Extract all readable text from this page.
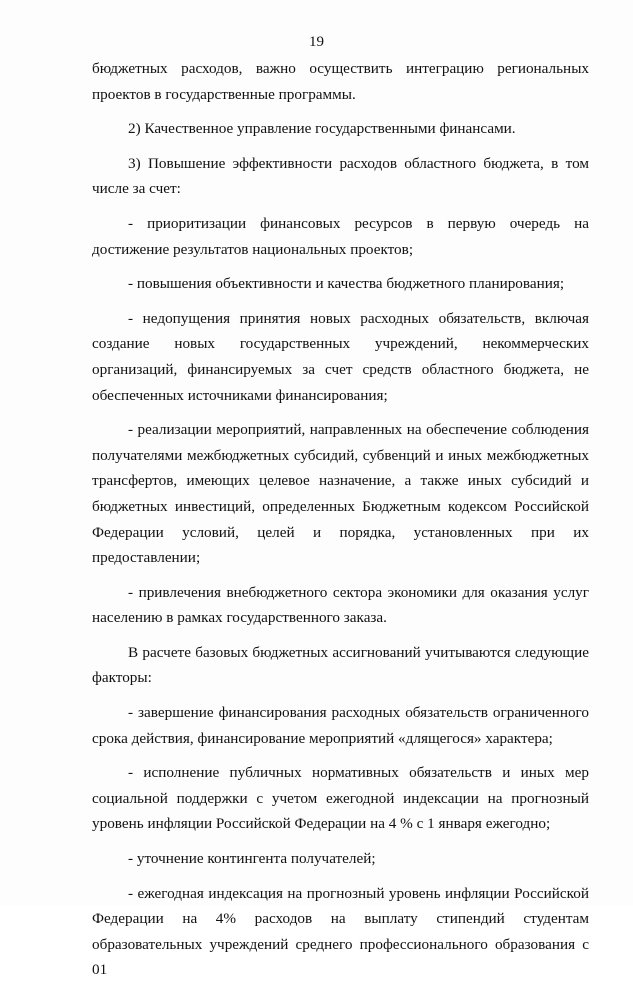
19

бюджетных расходов, важно осуществить интеграцию региональных проектов в государственные программы.

2) Качественное управление государственными финансами.

3) Повышение эффективности расходов областного бюджета, в том числе за счет:

- приоритизации финансовых ресурсов в первую очередь на достижение результатов национальных проектов;

- повышения объективности и качества бюджетного планирования;

- недопущения принятия новых расходных обязательств, включая создание новых государственных учреждений, некоммерческих организаций, финансируемых за счет средств областного бюджета, не обеспеченных источниками финансирования;

- реализации мероприятий, направленных на обеспечение соблюдения получателями межбюджетных субсидий, субвенций и иных межбюджетных трансфертов, имеющих целевое назначение, а также иных субсидий и бюджетных инвестиций, определенных Бюджетным кодексом Российской Федерации условий, целей и порядка, установленных при их предоставлении;

- привлечения внебюджетного сектора экономики для оказания услуг населению в рамках государственного заказа.

В расчете базовых бюджетных ассигнований учитываются следующие факторы:

- завершение финансирования расходных обязательств ограниченного срока действия, финансирование мероприятий «длящегося» характера;

- исполнение публичных нормативных обязательств и иных мер социальной поддержки с учетом ежегодной индексации на прогнозный уровень инфляции Российской Федерации на 4 % с 1 января ежегодно;

- уточнение контингента получателей;

- ежегодная индексация на прогнозный уровень инфляции Российской Федерации на 4% расходов на выплату стипендий студентам образовательных учреждений среднего профессионального образования с 01
